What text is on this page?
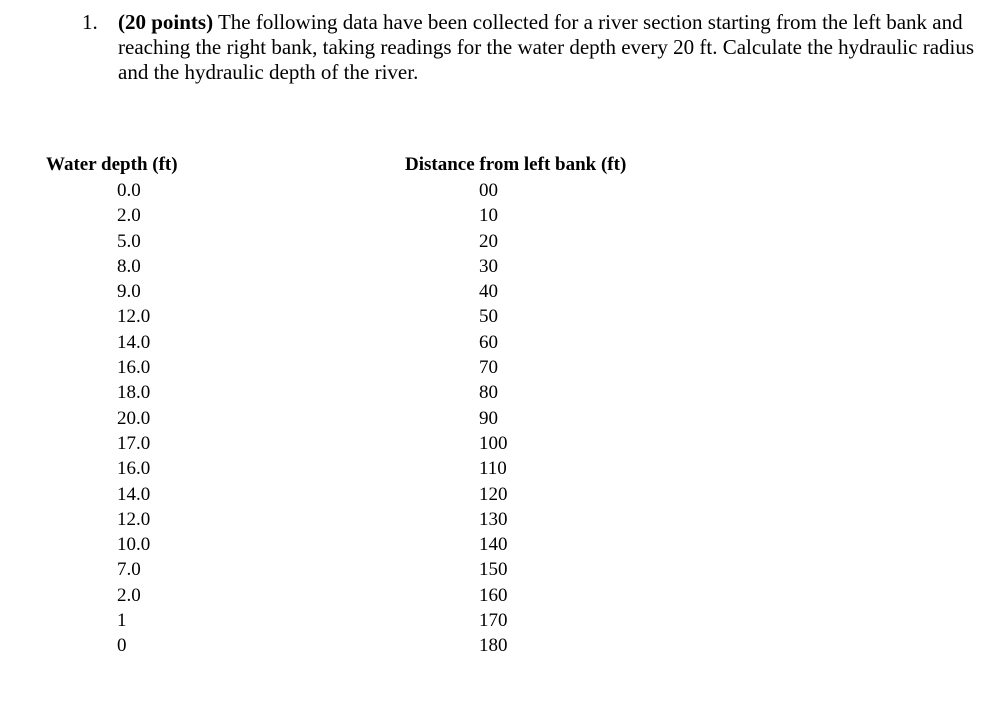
1. (20 points) The following data have been collected for a river section starting from the left bank and reaching the right bank, taking readings for the water depth every 20 ft. Calculate the hydraulic radius and the hydraulic depth of the river.
Water depth (ft)	Distance from left bank (ft)
0.0
2.0
5.0
8.0
9.0
12.0
14.0
16.0
18.0
20.0
17.0
16.0
14.0
12.0
10.0
7.0
2.0
1
0
00
10
20
30
40
50
60
70
80
90
100
110
120
130
140
150
160
170
180
